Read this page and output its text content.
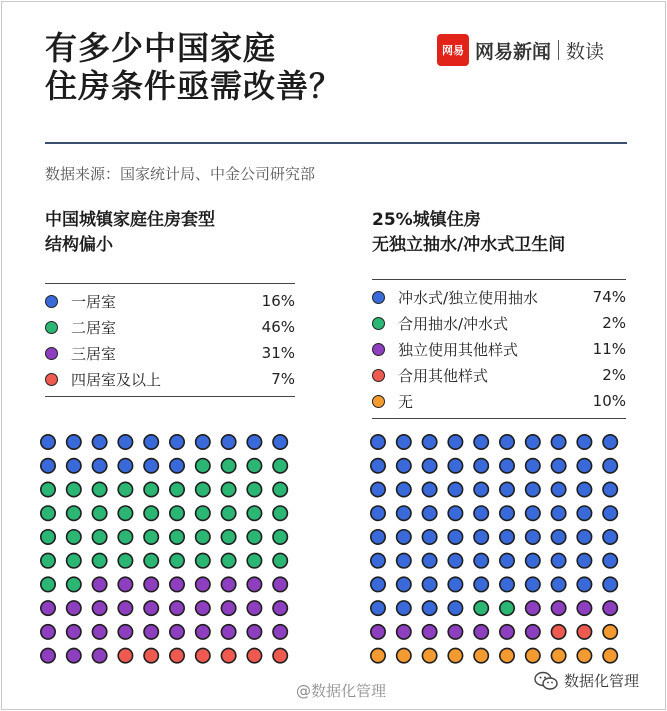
有多少中国家庭
住房条件亟需改善？
网易 网易新闻 数读
数据来源：国家统计局、中金公司研究部
中国城镇家庭住房套型
结构偏小
一居室	16%
二居室	46%
三居室	31%
四居室及以上	7%
25%城镇住房
无独立抽水/冲水式卫生间
冲水式/独立使用抽水	74%
合用抽水/冲水式	2%
独立使用其他样式	11%
合用其他样式	2%
无	10%
@数据化管理
数据化管理
